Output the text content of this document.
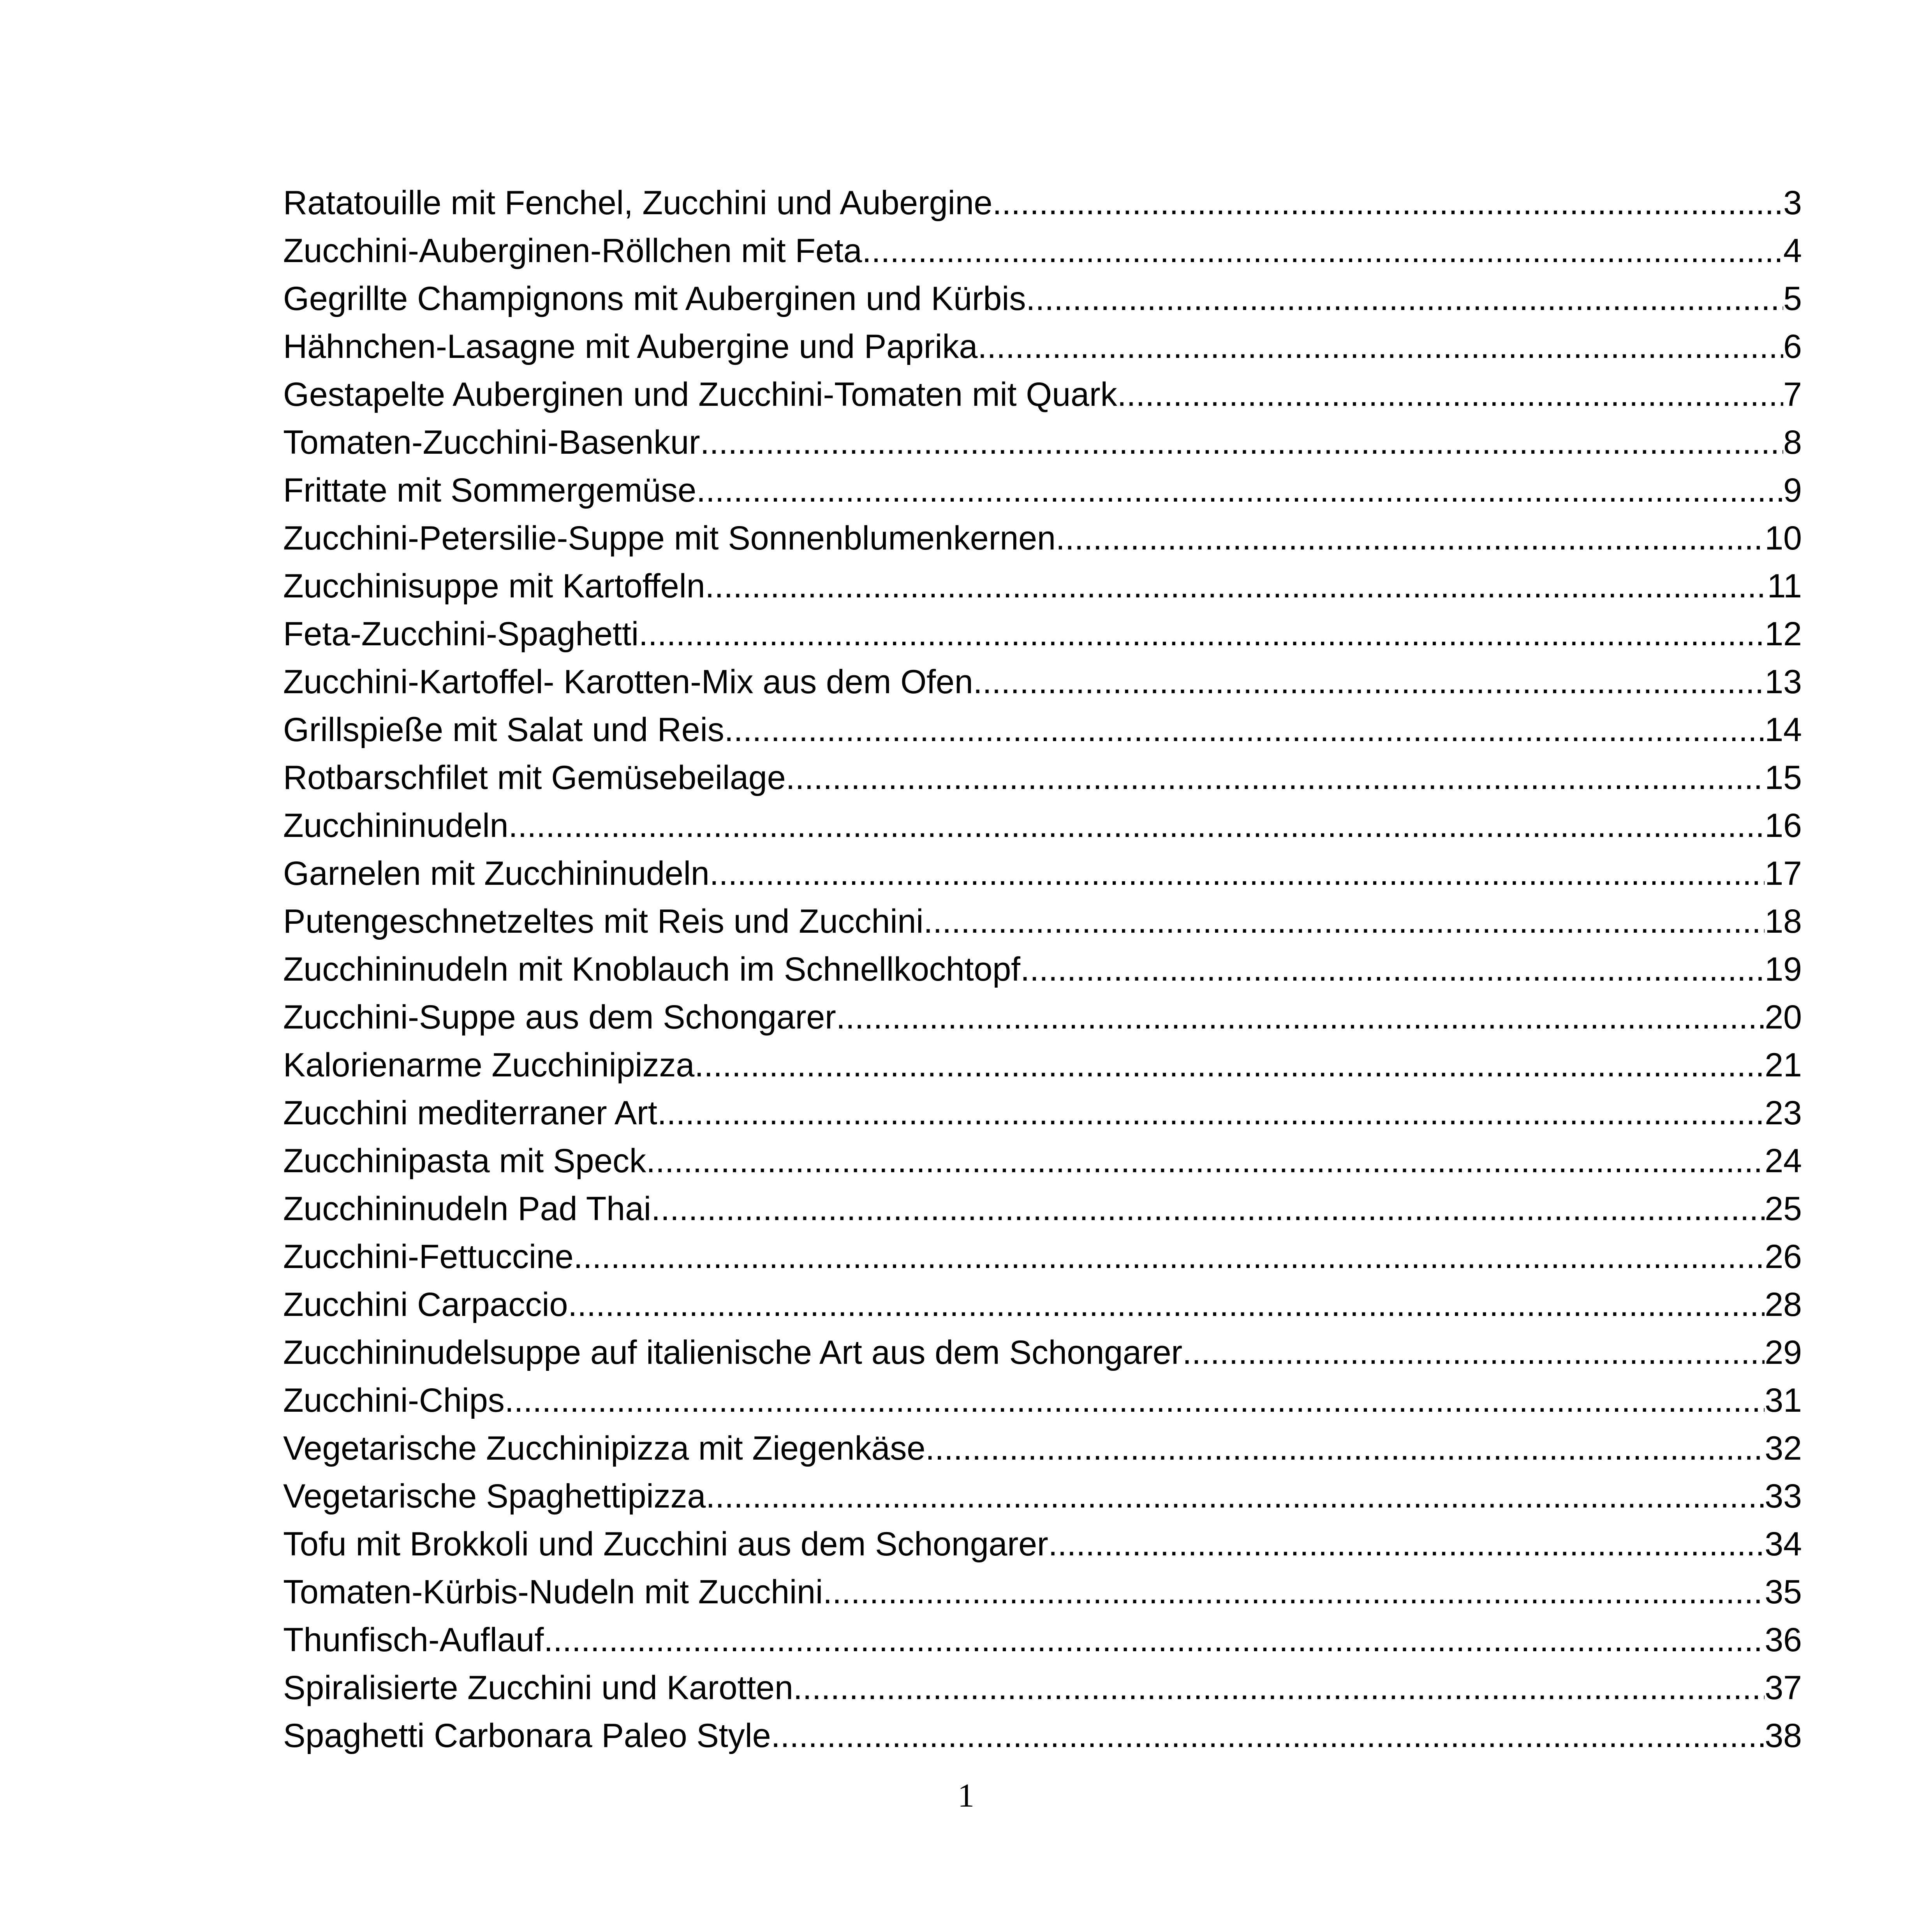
Ratatouille mit Fenchel, Zucchini und Aubergine .....	3
Zucchini-Auberginen-Röllchen mit Feta .....	4
Gegrillte Champignons mit Auberginen und Kürbis .....	5
Hähnchen-Lasagne mit Aubergine und Paprika .....	6
Gestapelte Auberginen und Zucchini-Tomaten mit Quark .....	7
Tomaten-Zucchini-Basenkur .....	8
Frittate mit Sommergemüse .....	9
Zucchini-Petersilie-Suppe mit Sonnenblumenkernen .....	10
Zucchinisuppe mit Kartoffeln .....	11
Feta-Zucchini-Spaghetti .....	12
Zucchini-Kartoffel- Karotten-Mix aus dem Ofen .....	13
Grillspieße mit Salat und Reis .....	14
Rotbarschfilet mit Gemüsebeilage .....	15
Zucchininudeln .....	16
Garnelen mit Zucchininudeln .....	17
Putengeschnetzeltes mit Reis und Zucchini .....	18
Zucchininudeln mit Knoblauch im Schnellkochtopf .....	19
Zucchini-Suppe aus dem Schongarer .....	20
Kalorienarme Zucchinipizza .....	21
Zucchini mediterraner Art .....	23
Zucchinipasta mit Speck .....	24
Zucchininudeln Pad Thai .....	25
Zucchini-Fettuccine .....	26
Zucchini Carpaccio .....	28
Zucchininudelsuppe auf italienische Art aus dem Schongarer .....	29
Zucchini-Chips .....	31
Vegetarische Zucchinipizza mit Ziegenkäse .....	32
Vegetarische Spaghettipizza .....	33
Tofu mit Brokkoli und Zucchini aus dem Schongarer .....	34
Tomaten-Kürbis-Nudeln mit Zucchini .....	35
Thunfisch-Auflauf .....	36
Spiralisierte Zucchini und Karotten .....	37
Spaghetti Carbonara Paleo Style .....	38
1
